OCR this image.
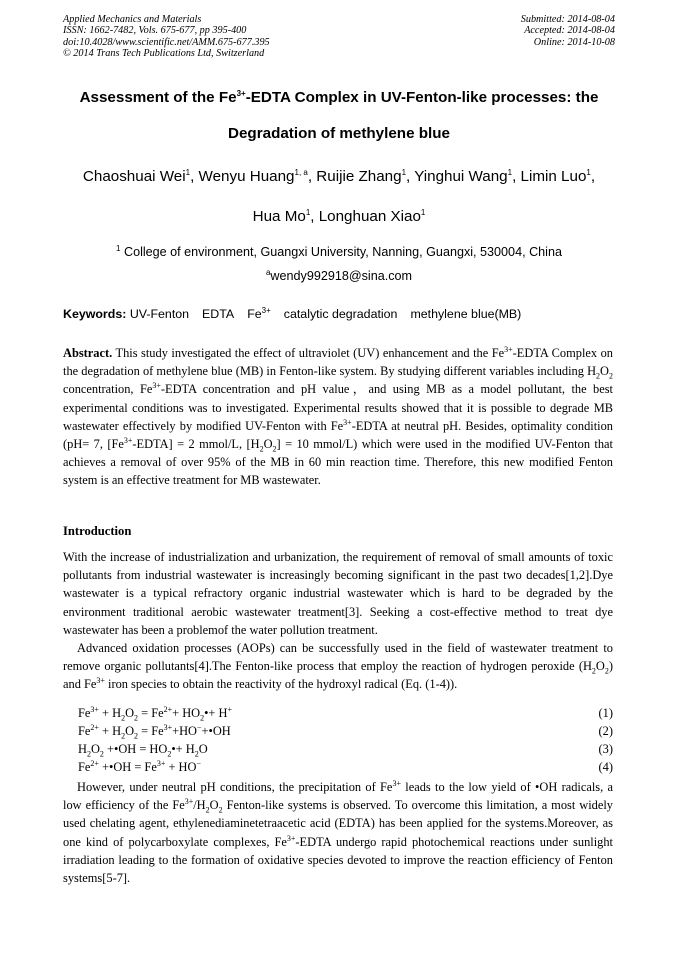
Applied Mechanics and Materials
ISSN: 1662-7482, Vols. 675-677, pp 395-400
doi:10.4028/www.scientific.net/AMM.675-677.395
© 2014 Trans Tech Publications Ltd, Switzerland
Submitted: 2014-08-04
Accepted: 2014-08-04
Online: 2014-10-08
Assessment of the $Fe^{3+}$-EDTA Complex in UV-Fenton-like processes: the
Degradation of methylene blue
Chaoshuai Wei$^1$, Wenyu Huang$^{1, a}$, Ruijie Zhang$^1$, Yinghui Wang$^1$, Limin Luo$^1$,
Hua Mo$^1$, Longhuan Xiao$^1$
$^1$ College of environment, Guangxi University, Nanning, Guangxi, 530004, China
$^a$wendy992918@sina.com
Keywords: UV-Fenton EDTA $Fe^{3+}$ catalytic degradation methylene blue(MB)

Abstract. This study investigated the effect of ultraviolet (UV) enhancement and the $Fe^{3+}$-EDTA Complex on the degradation of methylene blue (MB) in Fenton-like system. By studying different variables including $H_2O_2$ concentration, $Fe^{3+}$-EDTA concentration and pH value，and using MB as a model pollutant, the best experimental conditions was to investigated. Experimental results showed that it is possible to degrade MB wastewater effectively by modified UV-Fenton with $Fe^{3+}$-EDTA at neutral pH. Besides, optimality condition (pH= 7, $[Fe^{3+}-EDTA] = 2$ mmol/L, $[H_2O_2] = 10$ mmol/L) which were used in the modified UV-Fenton that achieves a removal of over 95% of the MB in 60 min reaction time. Therefore, this new modified Fenton system is an effective treatment for MB wastewater.

Introduction

With the increase of industrialization and urbanization, the requirement of removal of small amounts of toxic pollutants from industrial wastewater is increasingly becoming significant in the past two decades[1,2].Dye wastewater is a typical refractory organic industrial wastewater which is hard to be degraded by the environment traditional aerobic wastewater treatment[3]. Seeking a cost-effective method to treat dye wastewater has been a problemof the water pollution treatment.

Advanced oxidation processes (AOPs) can be successfully used in the field of wastewater treatment to remove organic pollutants[4].The Fenton-like process that employ the reaction of hydrogen peroxide $(H_2O_2)$ and $Fe^{3+}$ iron species to obtain the reactivity of the hydroxyl radical (Eq. (1-4)).

$Fe^{3+} + H_2O_2 = Fe^{2+}+$ $HO_2•+ H^+$	(1)
$Fe^{2+} + H_2O_2$ = $Fe^{3+}+HO^-+•OH$	(2)
$H_2O_2$ +•OH = $HO_2•+ H_2O$	(3)
$Fe^{2+}$ +•OH = $Fe^{3+} + HO^-$	(4)

However, under neutral pH conditions, the precipitation of $Fe^{3+}$ leads to the low yield of •OH radicals, a low efficiency of the $Fe^{3+}/H_2O_2$ Fenton-like systems is observed. To overcome this limitation, a most widely used chelating agent, ethylenediaminetetraacetic acid (EDTA) has been applied for the systems.Moreover, as one kind of polycarboxylate complexes, $Fe^{3+}$-EDTA undergo rapid photochemical reactions under sunlight irradiation leading to the formation of oxidative species devoted to improve the reaction efficiency of Fenton systems[5-7].
